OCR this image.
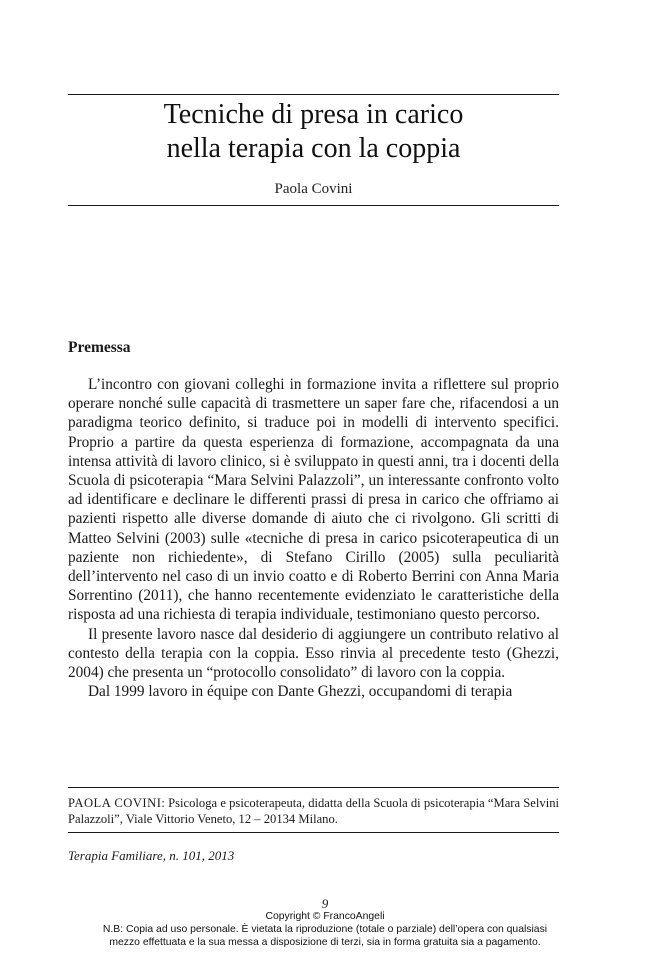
Tecniche di presa in carico
nella terapia con la coppia
Paola Covini
Premessa

L’incontro con giovani colleghi in formazione invita a riflettere sul proprio operare nonché sulle capacità di trasmettere un saper fare che, rifacendosi a un paradigma teorico definito, si traduce poi in modelli di intervento specifici. Proprio a partire da questa esperienza di formazione, accompagnata da una intensa attività di lavoro clinico, si è sviluppato in questi anni, tra i docenti della Scuola di psicoterapia “Mara Selvini Palazzoli”, un interessante confronto volto ad identificare e declinare le differenti prassi di presa in carico che offriamo ai pazienti rispetto alle diverse domande di aiuto che ci rivolgono. Gli scritti di Matteo Selvini (2003) sulle «tecniche di presa in carico psicoterapeutica di un paziente non richiedente», di Stefano Cirillo (2005) sulla peculiarità dell’intervento nel caso di un invio coatto e di Roberto Berrini con Anna Maria Sorrentino (2011), che hanno recentemente evidenziato le caratteristiche della risposta ad una richiesta di terapia individuale, testimoniano questo percorso.

Il presente lavoro nasce dal desiderio di aggiungere un contributo relativo al contesto della terapia con la coppia. Esso rinvia al precedente testo (Ghezzi, 2004) che presenta un “protocollo consolidato” di lavoro con la coppia.

Dal 1999 lavoro in équipe con Dante Ghezzi, occupandomi di terapia

PAOLA COVINI: Psicologa e psicoterapeuta, didatta della Scuola di psicoterapia “Mara Selvini Palazzoli”, Viale Vittorio Veneto, 12 – 20134 Milano.
Terapia Familiare, n. 101, 2013
9
Copyright © FrancoAngeli
N.B: Copia ad uso personale. È vietata la riproduzione (totale o parziale) dell’opera con qualsiasi
mezzo effettuata e la sua messa a disposizione di terzi, sia in forma gratuita sia a pagamento.
